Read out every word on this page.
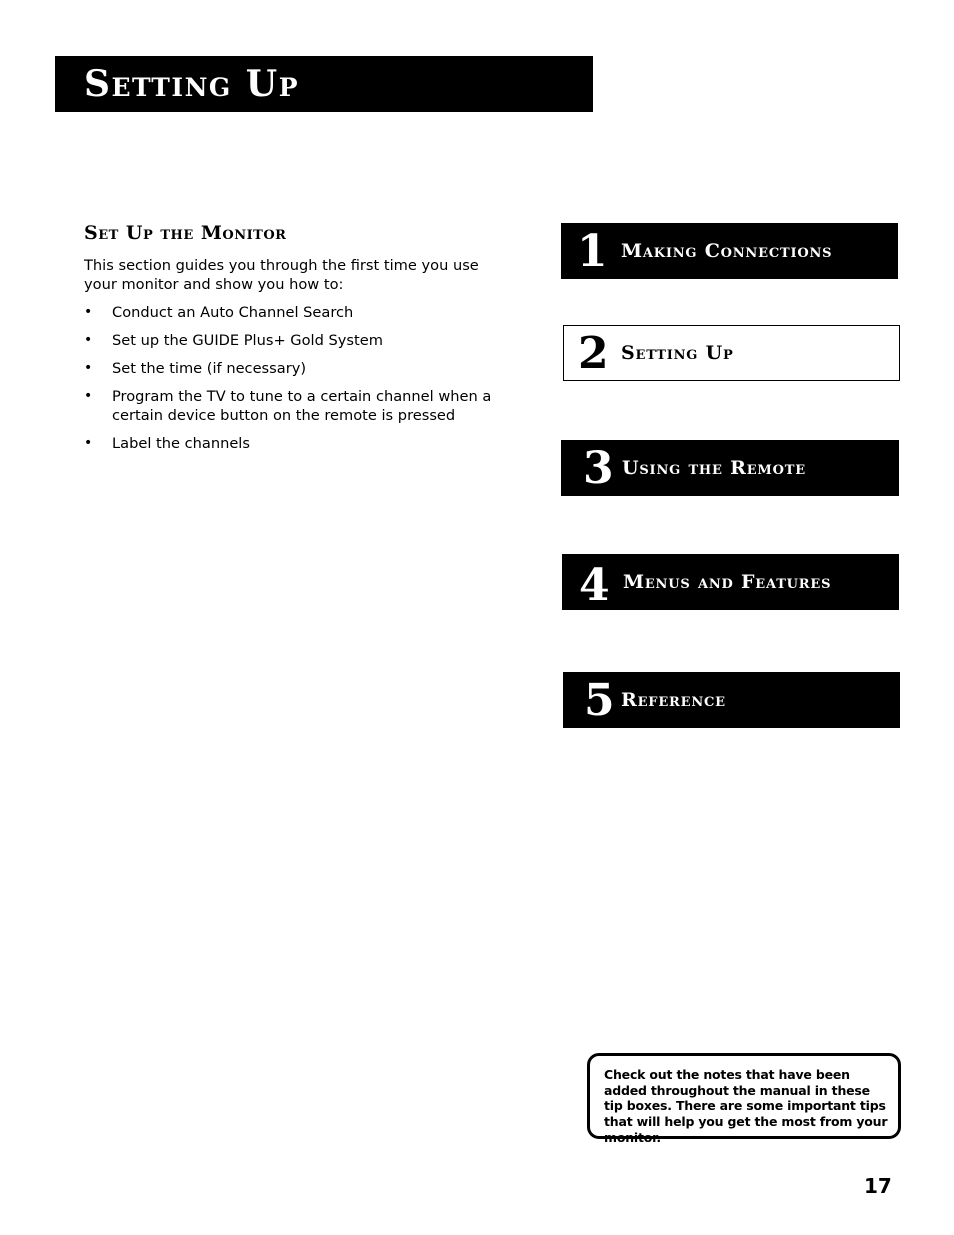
Setting Up
Set Up the Monitor

This section guides you through the first time you use your monitor and show you how to:

• Conduct an Auto Channel Search
• Set up the GUIDE Plus+ Gold System
• Set the time (if necessary)
• Program the TV to tune to a certain channel when a certain device button on the remote is pressed
• Label the channels
1 Making Connections
2 Setting Up
3 Using the Remote
4 Menus and Features
5 Reference

Check out the notes that have been added throughout the manual in these tip boxes. There are some important tips that will help you get the most from your monitor.

17
